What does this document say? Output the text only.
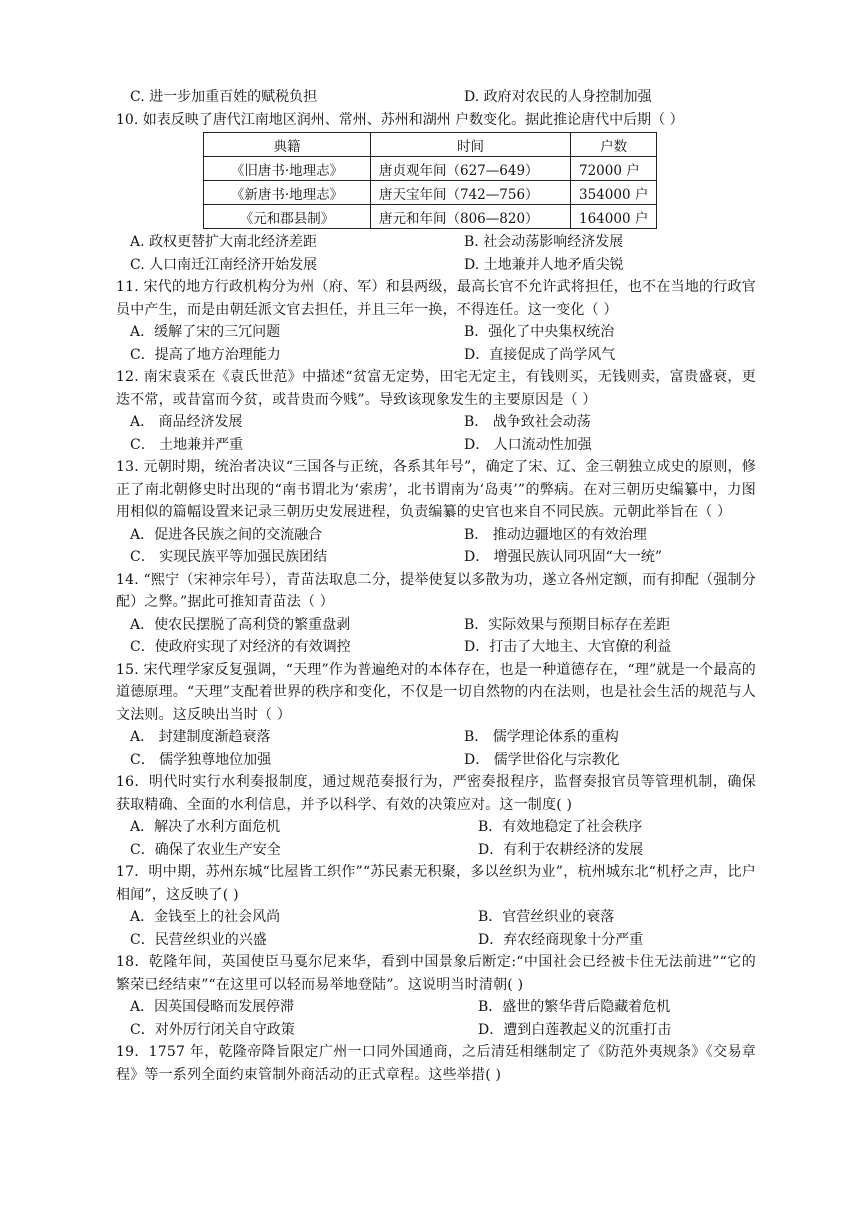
C. 进一步加重百姓的赋税负担	D. 政府对农民的人身控制加强
10. 如表反映了唐代江南地区润州、常州、苏州和湖州 户数变化。据此推论唐代中后期（ ）
典籍	时间	户数
《旧唐书·地理志》	唐贞观年间（627—649）	72000 户
《新唐书·地理志》	唐天宝年间（742—756）	354000 户
《元和郡县制》	唐元和年间（806—820）	164000 户
A. 政权更替扩大南北经济差距	B. 社会动荡影响经济发展
C. 人口南迁江南经济开始发展	D. 土地兼并人地矛盾尖锐
11. 宋代的地方行政机构分为州（府、军）和县两级，最高长官不允许武将担任，也不在当地的行政官员中产生，而是由朝廷派文官去担任，并且三年一换，不得连任。这一变化（ ）
A．缓解了宋的三冗问题	B．强化了中央集权统治
C．提高了地方治理能力	D．直接促成了尚学风气
12. 南宋袁采在《袁氏世范》中描述“贫富无定势，田宅无定主，有钱则买，无钱则卖，富贵盛衰，更迭不常，或昔富而今贫，或昔贵而今贱”。导致该现象发生的主要原因是（ ）
A． 商品经济发展	B． 战争致社会动荡
C． 土地兼并严重	D． 人口流动性加强
13. 元朝时期，统治者决议“三国各与正统，各系其年号”，确定了宋、辽、金三朝独立成史的原则，修正了南北朝修史时出现的“南书谓北为‘索虏’，北书谓南为‘岛夷’”的弊病。在对三朝历史编纂中，力图用相似的篇幅设置来记录三朝历史发展进程，负责编纂的史官也来自不同民族。元朝此举旨在（ ）
A．促进各民族之间的交流融合	B． 推动边疆地区的有效治理
C． 实现民族平等加强民族团结	D． 增强民族认同巩固“大一统”
14. “熙宁（宋神宗年号），青苗法取息二分，提举使复以多散为功，遂立各州定额，而有抑配（强制分配）之弊。”据此可推知青苗法（ ）
A．使农民摆脱了高利贷的繁重盘剥	B．实际效果与预期目标存在差距
C．使政府实现了对经济的有效调控	D．打击了大地主、大官僚的利益
15. 宋代理学家反复强调，“天理”作为普遍绝对的本体存在，也是一种道德存在，“理”就是一个最高的道德原理。“天理”支配着世界的秩序和变化，不仅是一切自然物的内在法则，也是社会生活的规范与人文法则。这反映出当时（ ）
A． 封建制度渐趋衰落	B． 儒学理论体系的重构
C． 儒学独尊地位加强	D． 儒学世俗化与宗教化
16．明代时实行水利奏报制度，通过规范奏报行为，严密奏报程序，监督奏报官员等管理机制，确保获取精确、全面的水利信息，并予以科学、有效的决策应对。这一制度( )
A．解决了水利方面危机	B．有效地稳定了社会秩序
C．确保了农业生产安全	D．有利于农耕经济的发展
17．明中期，苏州东城“比屋皆工织作”“苏民素无积聚，多以丝织为业”，杭州城东北“机杼之声，比户相闻”，这反映了( )
A．金钱至上的社会风尚	B．官营丝织业的衰落
C．民营丝织业的兴盛	D．弃农经商现象十分严重
18．乾隆年间，英国使臣马戛尔尼来华，看到中国景象后断定:“中国社会已经被卡住无法前进”“它的繁荣已经结束”“在这里可以轻而易举地登陆”。这说明当时清朝( )
A．因英国侵略而发展停滞	B．盛世的繁华背后隐藏着危机
C．对外厉行闭关自守政策	D．遭到白莲教起义的沉重打击
19．1757 年，乾隆帝降旨限定广州一口同外国通商，之后清廷相继制定了《防范外夷规条》《交易章程》等一系列全面约束管制外商活动的正式章程。这些举措( )
